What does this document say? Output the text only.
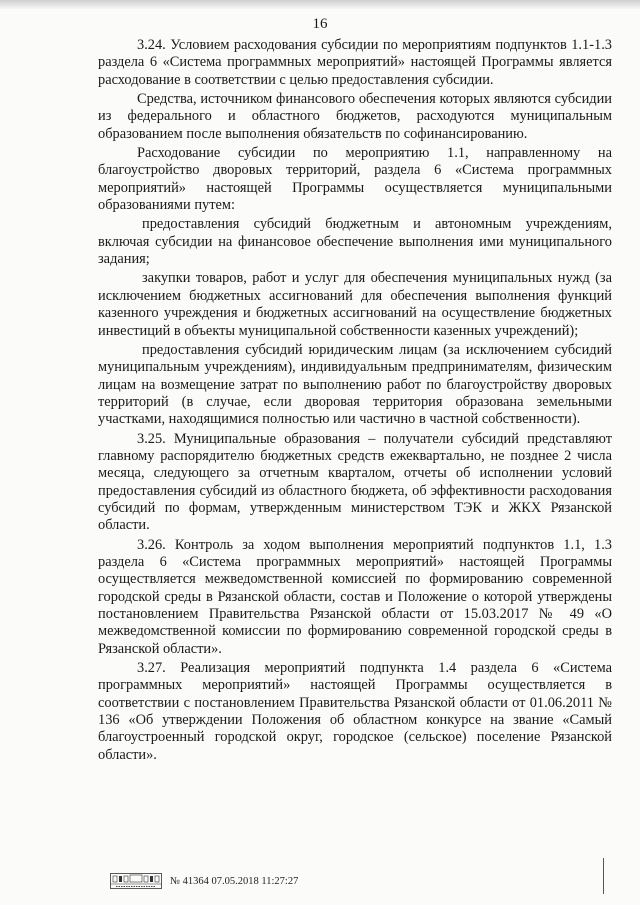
16

3.24. Условием расходования субсидии по мероприятиям подпунктов 1.1-1.3 раздела 6 «Система программных мероприятий» настоящей Программы является расходование в соответствии с целью предоставления субсидии.

Средства, источником финансового обеспечения которых являются субсидии из федерального и областного бюджетов, расходуются муниципальным образованием после выполнения обязательств по софинансированию.

Расходование субсидии по мероприятию 1.1, направленному на благоустройство дворовых территорий, раздела 6 «Система программных мероприятий» настоящей Программы осуществляется муниципальными образованиями путем:

предоставления субсидий бюджетным и автономным учреждениям, включая субсидии на финансовое обеспечение выполнения ими муниципального задания;

закупки товаров, работ и услуг для обеспечения муниципальных нужд (за исключением бюджетных ассигнований для обеспечения выполнения функций казенного учреждения и бюджетных ассигнований на осуществление бюджетных инвестиций в объекты муниципальной собственности казенных учреждений);

предоставления субсидий юридическим лицам (за исключением субсидий муниципальным учреждениям), индивидуальным предпринимателям, физическим лицам на возмещение затрат по выполнению работ по благоустройству дворовых территорий (в случае, если дворовая территория образована земельными участками, находящимися полностью или частично в частной собственности).

3.25. Муниципальные образования – получатели субсидий представляют главному распорядителю бюджетных средств ежеквартально, не позднее 2 числа месяца, следующего за отчетным кварталом, отчеты об исполнении условий предоставления субсидий из областного бюджета, об эффективности расходования субсидий по формам, утвержденным министерством ТЭК и ЖКХ Рязанской области.

3.26. Контроль за ходом выполнения мероприятий подпунктов 1.1, 1.3 раздела 6 «Система программных мероприятий» настоящей Программы осуществляется межведомственной комиссией по формированию современной городской среды в Рязанской области, состав и Положение о которой утверждены постановлением Правительства Рязанской области от 15.03.2017 № 49 «О межведомственной комиссии по формированию современной городской среды в Рязанской области».

3.27. Реализация мероприятий подпункта 1.4 раздела 6 «Система программных мероприятий» настоящей Программы осуществляется в соответствии с постановлением Правительства Рязанской области от 01.06.2011 № 136 «Об утверждении Положения об областном конкурсе на звание «Самый благоустроенный городской округ, городское (сельское) поселение Рязанской области».

№ 41364 07.05.2018 11:27:27
